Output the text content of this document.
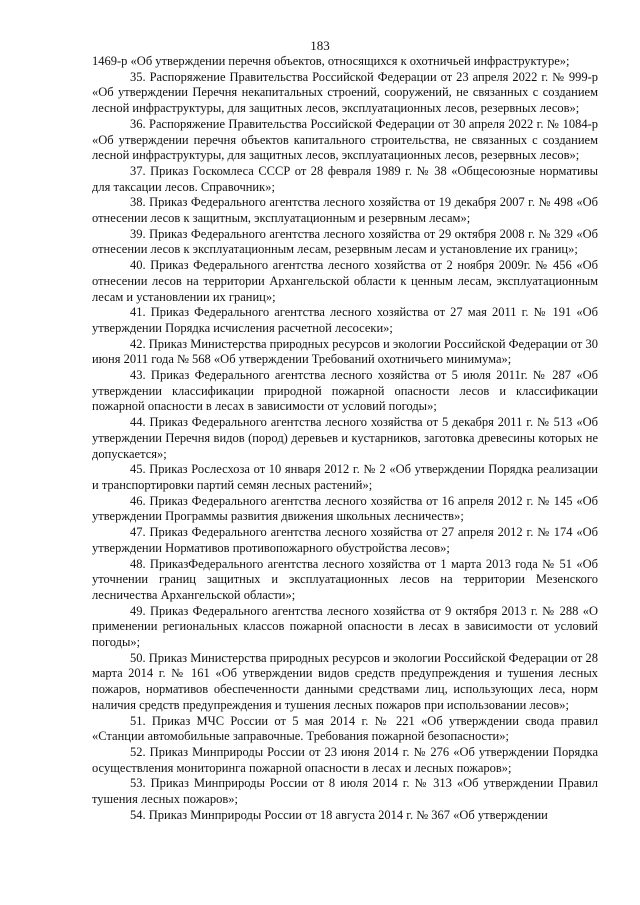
183

1469-р «Об утверждении перечня объектов, относящихся к охотничьей инфраструктуре»;

35. Распоряжение Правительства Российской Федерации от 23 апреля 2022 г. № 999-р «Об утверждении Перечня некапитальных строений, сооружений, не связанных с созданием лесной инфраструктуры, для защитных лесов, эксплуатационных лесов, резервных лесов»;

36. Распоряжение Правительства Российской Федерации от 30 апреля 2022 г. № 1084-р «Об утверждении перечня объектов капитального строительства, не связанных с созданием лесной инфраструктуры, для защитных лесов, эксплуатационных лесов, резервных лесов»;

37. Приказ Госкомлеса СССР от 28 февраля 1989 г. № 38 «Общесоюзные нормативы для таксации лесов. Справочник»;

38. Приказ Федерального агентства лесного хозяйства от 19 декабря 2007 г. № 498 «Об отнесении лесов к защитным, эксплуатационным и резервным лесам»;

39. Приказ Федерального агентства лесного хозяйства от 29 октября 2008 г. № 329 «Об отнесении лесов к эксплуатационным лесам, резервным лесам и установление их границ»;

40. Приказ Федерального агентства лесного хозяйства от 2 ноября 2009г. № 456 «Об отнесении лесов на территории Архангельской области к ценным лесам, эксплуатационным лесам и установлении их границ»;

41. Приказ Федерального агентства лесного хозяйства от 27 мая 2011 г. № 191 «Об утверждении Порядка исчисления расчетной лесосеки»;

42. Приказ Министерства природных ресурсов и экологии Российской Федерации от 30 июня 2011 года № 568 «Об утверждении Требований охотничьего минимума»;

43. Приказ Федерального агентства лесного хозяйства от 5 июля 2011г. № 287 «Об утверждении классификации природной пожарной опасности лесов и классификации пожарной опасности в лесах в зависимости от условий погоды»;

44. Приказ Федерального агентства лесного хозяйства от 5 декабря 2011 г. № 513 «Об утверждении Перечня видов (пород) деревьев и кустарников, заготовка древесины которых не допускается»;

45. Приказ Рослесхоза от 10 января 2012 г. № 2 «Об утверждении Порядка реализации и транспортировки партий семян лесных растений»;

46. Приказ Федерального агентства лесного хозяйства от 16 апреля 2012 г. № 145 «Об утверждении Программы развития движения школьных лесничеств»;

47. Приказ Федерального агентства лесного хозяйства от 27 апреля 2012 г. № 174 «Об утверждении Нормативов противопожарного обустройства лесов»;

48. ПриказФедерального агентства лесного хозяйства от 1 марта 2013 года № 51 «Об уточнении границ защитных и эксплуатационных лесов на территории Мезенского лесничества Архангельской области»;

49. Приказ Федерального агентства лесного хозяйства от 9 октября 2013 г. № 288 «О применении региональных классов пожарной опасности в лесах в зависимости от условий погоды»;

50. Приказ Министерства природных ресурсов и экологии Российской Федерации от 28 марта 2014 г. № 161 «Об утверждении видов средств предупреждения и тушения лесных пожаров, нормативов обеспеченности данными средствами лиц, использующих леса, норм наличия средств предупреждения и тушения лесных пожаров при использовании лесов»;

51. Приказ МЧС России от 5 мая 2014 г. № 221 «Об утверждении свода правил «Станции автомобильные заправочные. Требования пожарной безопасности»;

52. Приказ Минприроды России от 23 июня 2014 г. № 276 «Об утверждении Порядка осуществления мониторинга пожарной опасности в лесах и лесных пожаров»;

53. Приказ Минприроды России от 8 июля 2014 г. № 313 «Об утверждении Правил тушения лесных пожаров»;

54. Приказ Минприроды России от 18 августа 2014 г. № 367 «Об утверждении
